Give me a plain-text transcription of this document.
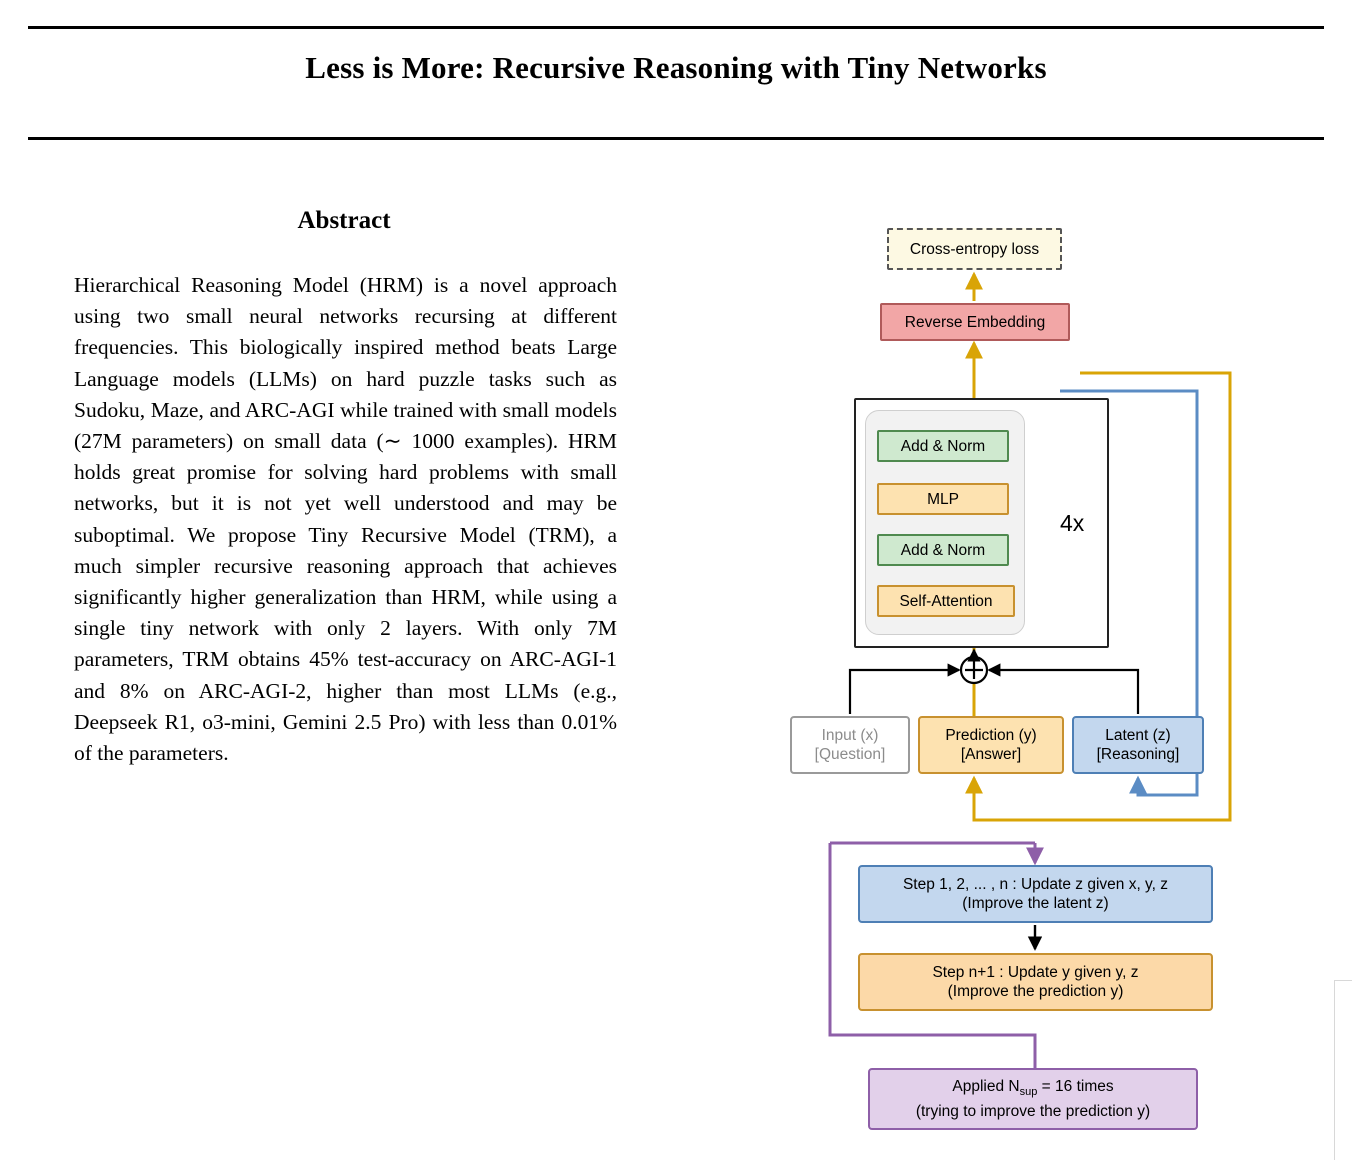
Less is More: Recursive Reasoning with Tiny Networks
Abstract
Hierarchical Reasoning Model (HRM) is a novel approach using two small neural networks recursing at different frequencies. This biologically inspired method beats Large Language models (LLMs) on hard puzzle tasks such as Sudoku, Maze, and ARC-AGI while trained with small models (27M parameters) on small data (∼ 1000 examples). HRM holds great promise for solving hard problems with small networks, but it is not yet well understood and may be suboptimal. We propose Tiny Recursive Model (TRM), a much simpler recursive reasoning approach that achieves significantly higher generalization than HRM, while using a single tiny network with only 2 layers. With only 7M parameters, TRM obtains 45% test-accuracy on ARC-AGI-1 and 8% on ARC-AGI-2, higher than most LLMs (e.g., Deepseek R1, o3-mini, Gemini 2.5 Pro) with less than 0.01% of the parameters.
Cross-entropy loss
Reverse Embedding
Add & Norm
MLP
Add & Norm
Self-Attention
4x
Input (x)
[Question]
Prediction (y)
[Answer]
Latent (z)
[Reasoning]
Step 1, 2, ... , n : Update z given x, y, z
(Improve the latent z)
Step n+1 : Update y given y, z
(Improve the prediction y)
Applied $N_{sup} = 16$ times
(trying to improve the prediction y)
